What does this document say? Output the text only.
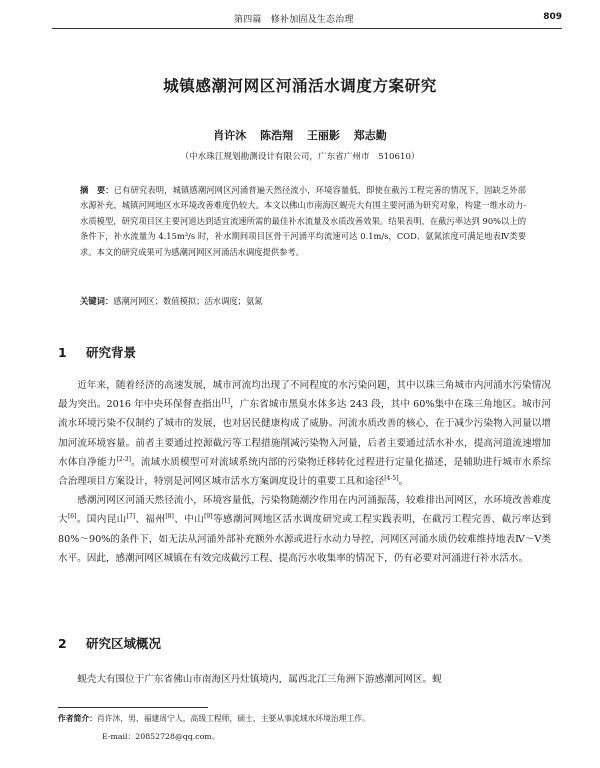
第四篇　修补加固及生态治理	809
城镇感潮河网区河涌活水调度方案研究
肖许沐 陈浩翔 王丽影 郑志勤
（中水珠江规划勘测设计有限公司，广东省广州市　510610）
摘　要：已有研究表明，城镇感潮河网区河涌普遍天然径流小，环境容量低，即使在截污工程完善的情况下，因缺乏外部水源补充，城镇河网地区水环境改善难度仍较大。本文以佛山市南海区蚬壳大有围主要河涌为研究对象，构建一维水动力-水质模型，研究项目区主要河道达到适宜流速所需的最佳补水流量及水质改善效果。结果表明，在截污率达到 90%以上的条件下，补水流量为 4.15m³/s 时，补水期间项目区骨干河涌平均流速可达 0.1m/s，COD、氨氮浓度可满足地表Ⅳ类要求。本文的研究成果可为感潮河网区河涌活水调度提供参考。
关键词：感潮河网区；数值模拟；活水调度；氨氮
1 研究背景

近年来，随着经济的高速发展，城市河流均出现了不同程度的水污染问题，其中以珠三角城市内河涌水污染情况最为突出。2016 年中央环保督查指出[1]，广东省城市黑臭水体多达 243 段，其中 60%集中在珠三角地区。城市河流水环境污染不仅制约了城市的发展，也对居民健康构成了威胁。河流水质改善的核心，在于减少污染物入河量以增加河流环境容量。前者主要通过控源截污等工程措施削减污染物入河量，后者主要通过活水补水，提高河道流速增加水体自净能力[2-3]。流域水质模型可对流域系统内部的污染物迁移转化过程进行定量化描述，是辅助进行城市水系综合治理项目方案设计，特别是河网区城市活水方案调度设计的重要工具和途径[4-5]。

感潮河网区河涌天然径流小，环境容量低，污染物随潮汐作用在内河涌振荡，较难排出河网区，水环境改善难度大[6]。国内昆山[7]、福州[8]、中山[9]等感潮河网地区活水调度研究或工程实践表明，在截污工程完善、截污率达到 80%～90%的条件下，如无法从河涌外部补充额外水源或进行水动力导控，河网区河涌水质仍较难维持地表Ⅳ～Ⅴ类水平。因此，感潮河网区城镇在有效完成截污工程、提高污水收集率的情况下，仍有必要对河涌进行补水活水。

2 研究区域概况

蚬壳大有围位于广东省佛山市南海区丹灶镇境内，属西北江三角洲下游感潮河网区。蚬

作者简介：肖许沐，男，福建周宁人，高级工程师，硕士，主要从事流域水环境治理工作。
E-mail：20852728@qq.com。
